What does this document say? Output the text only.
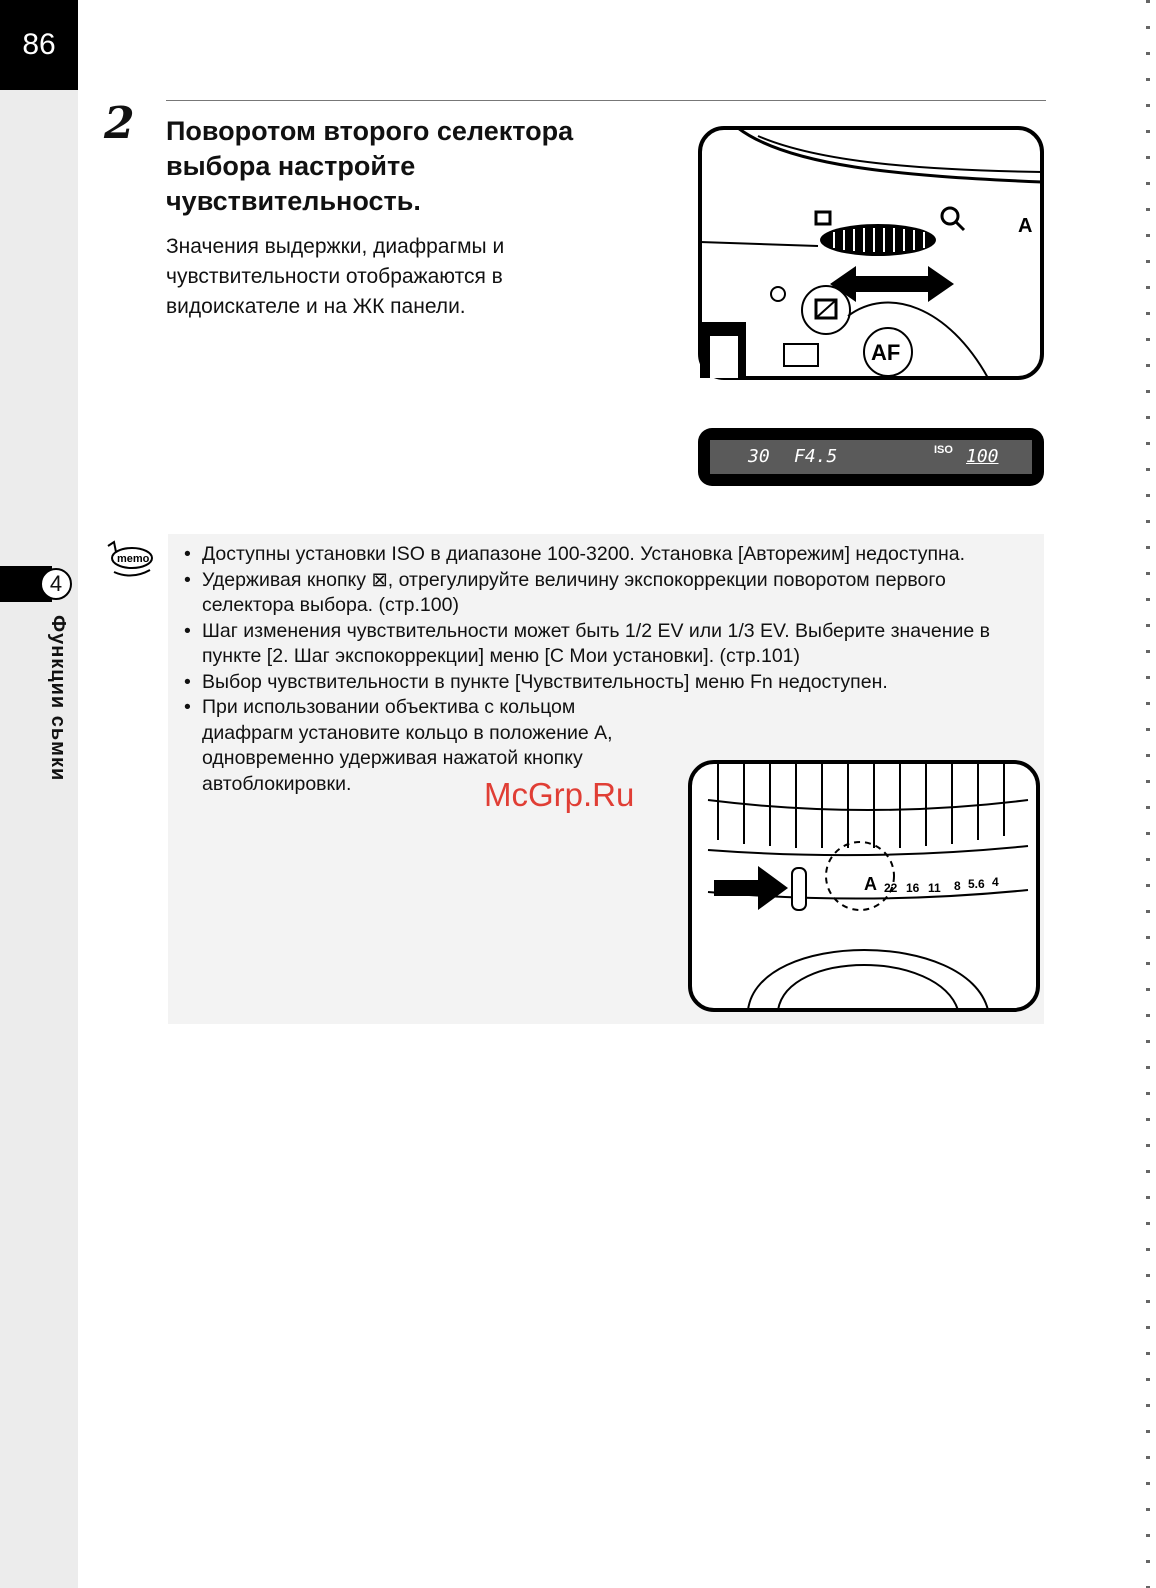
86
4
Функции сьмки
2 Поворотом второго селектора выбора настройте чувствительность.
Значения выдержки, диафрагмы и чувствительности отображаются в видоискателе и на ЖК панели.
A
AF
30 F4.5	ISO 100
memo
•	Доступны установки ISO в диапазоне 100-3200. Установка [Авторежим] недоступна.
• Удерживая кнопку ⊠, отрегулируйте величину экспокоррекции поворотом первого селектора выбора. (стр.100)
• Шаг изменения чувствительности может быть 1/2 EV или 1/3 EV. Выберите значение в пункте [2. Шаг экспокоррекции] меню [C Мои установки]. (стр.101)
• Выбор чувствительности в пункте [Чувствительность] меню Fn недоступен.
• При использовании объектива с кольцом диафрагм установите кольцо в положение A, одновременно удерживая нажатой кнопку автоблокировки.
A 22 16 11 8 5.6 4
McGrp.Ru
